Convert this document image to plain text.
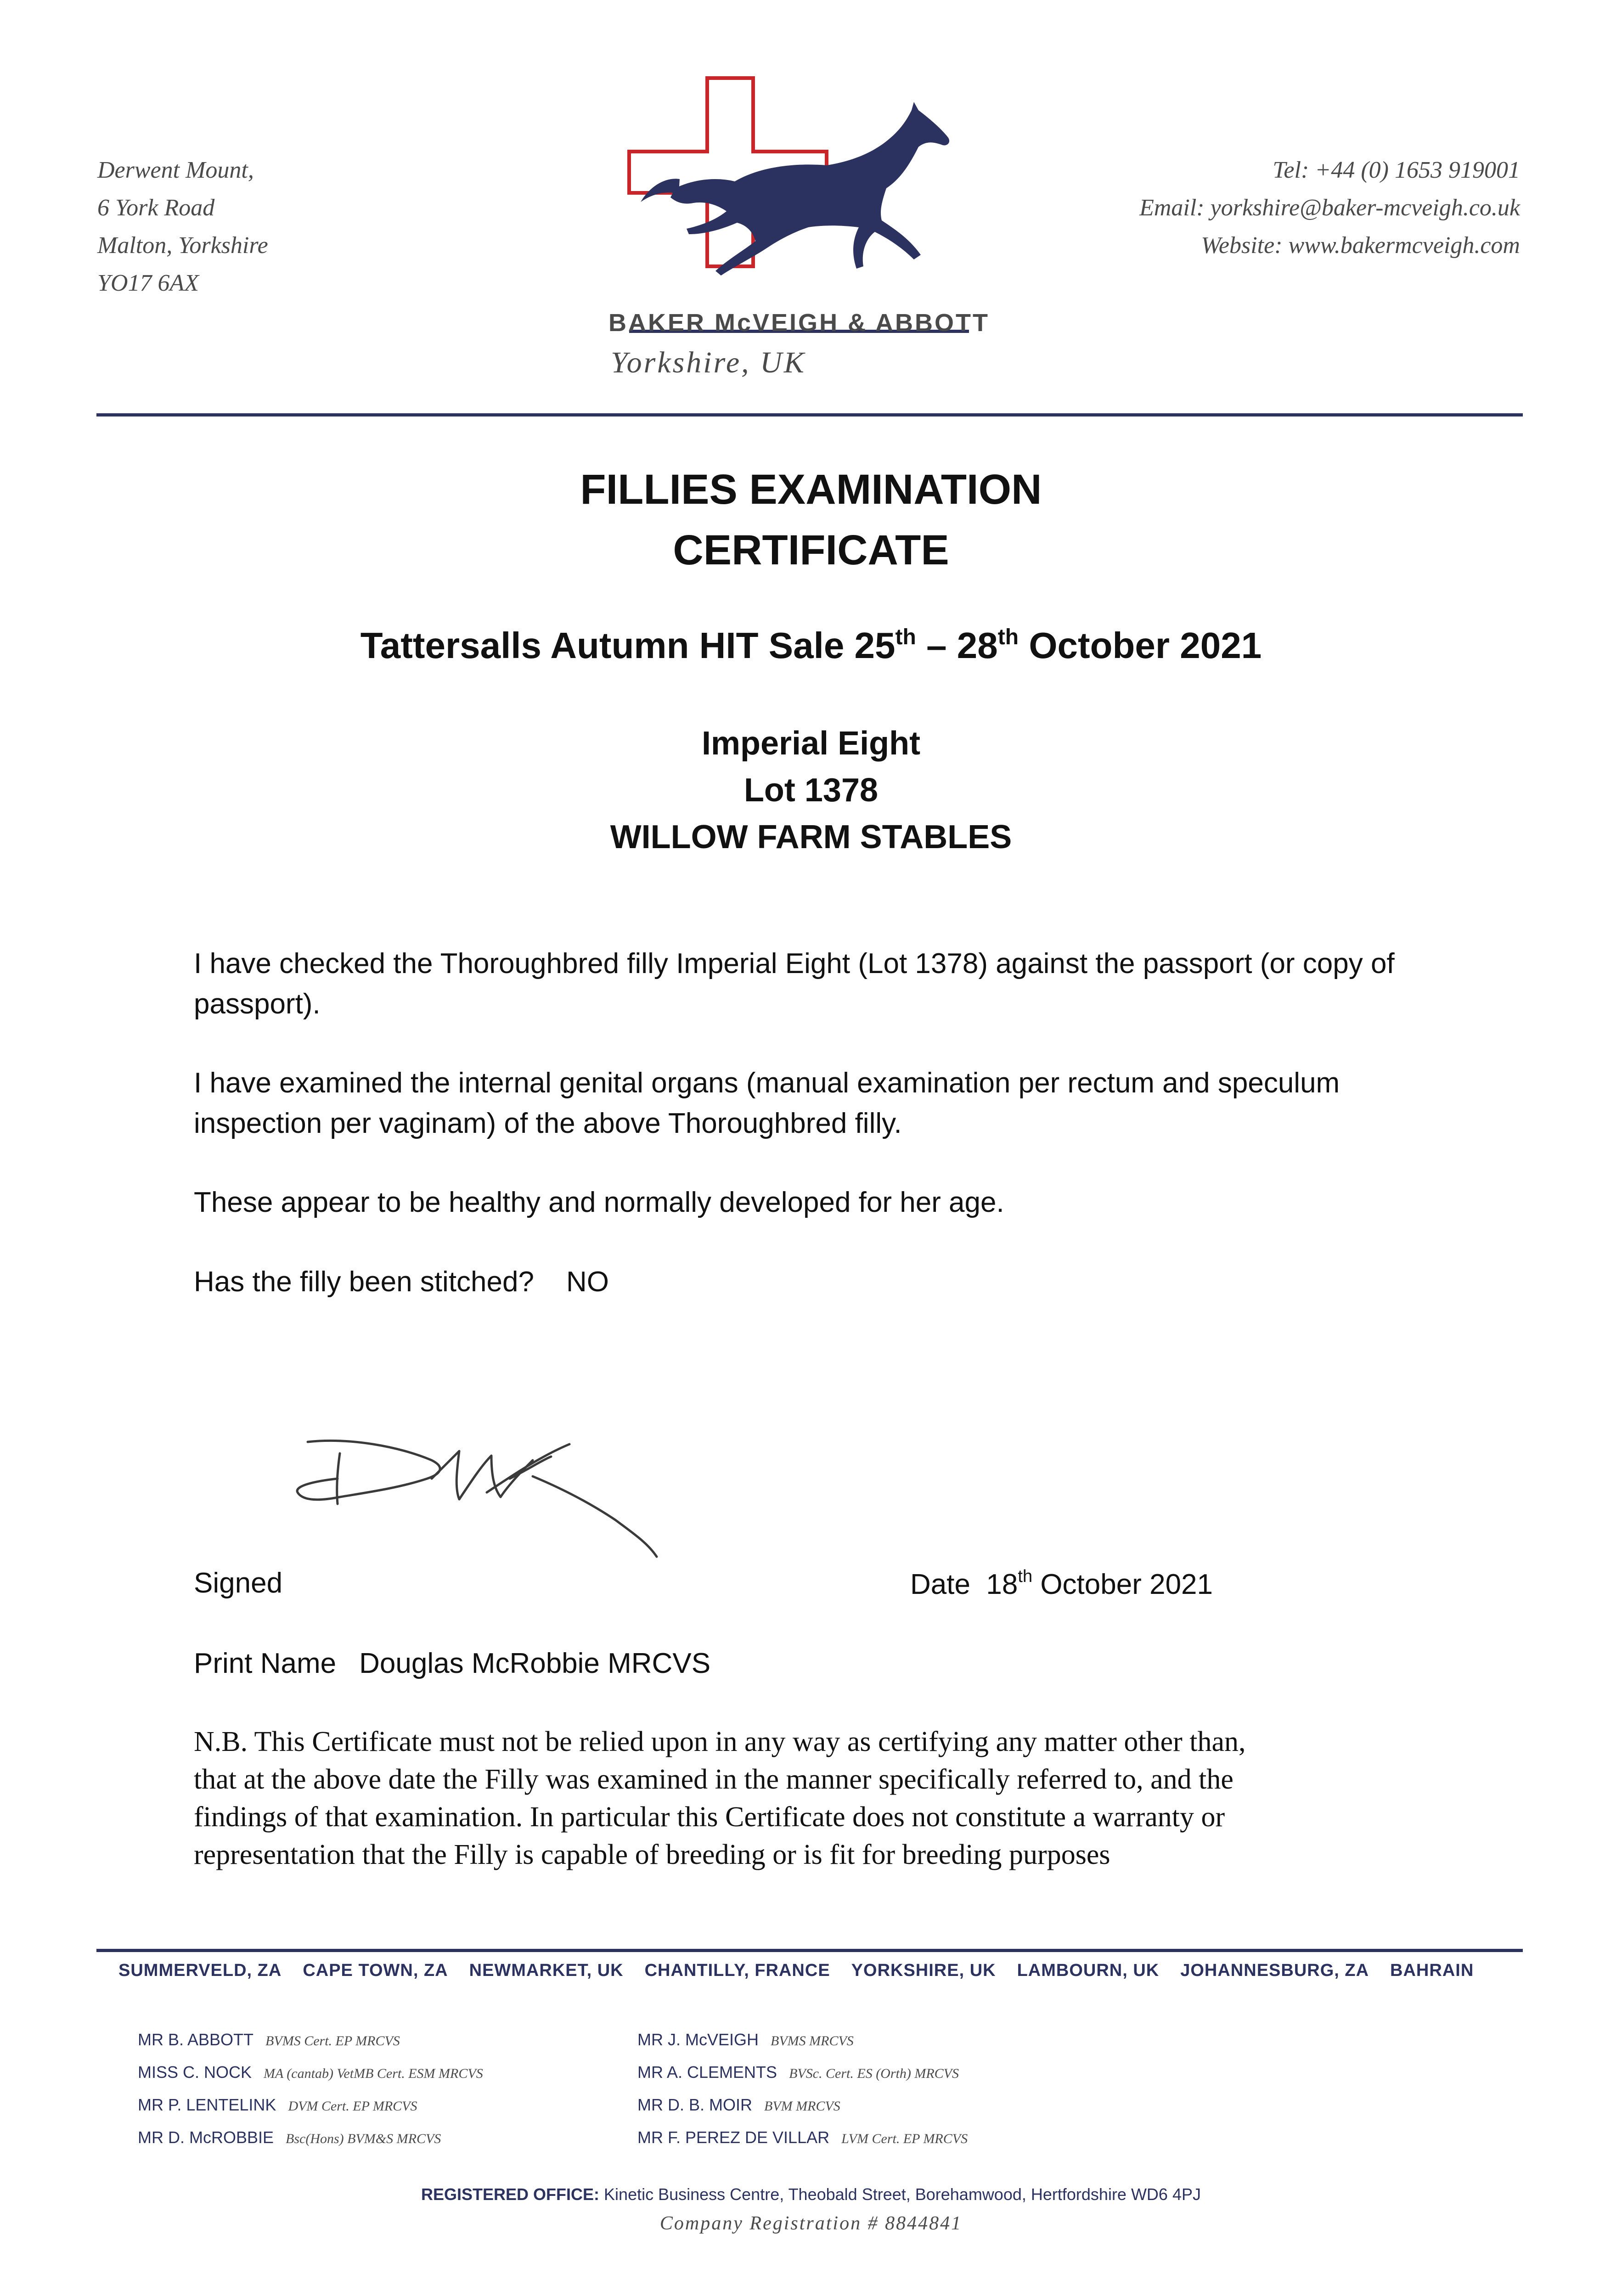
Derwent Mount,
6 York Road
Malton, Yorkshire
YO17 6AX
BAKER McVEIGH & ABBOTT
Yorkshire, UK
Tel: +44 (0) 1653 919001
Email: yorkshire@baker-mcveigh.co.uk
Website: www.bakermcveigh.com
FILLIES EXAMINATION
CERTIFICATE
Tattersalls Autumn HIT Sale 25th – 28th October 2021
Imperial Eight
Lot 1378
WILLOW FARM STABLES

I have checked the Thoroughbred filly Imperial Eight (Lot 1378) against the passport (or copy of passport).

I have examined the internal genital organs (manual examination per rectum and speculum inspection per vaginam) of the above Thoroughbred filly.

These appear to be healthy and normally developed for her age.

Has the filly been stitched? NO
Signed	Date 18th October 2021
Print Name Douglas McRobbie MRCVS
N.B. This Certificate must not be relied upon in any way as certifying any matter other than,
that at the above date the Filly was examined in the manner specifically referred to, and the
findings of that examination. In particular this Certificate does not constitute a warranty or
representation that the Filly is capable of breeding or is fit for breeding purposes
SUMMERVELD, ZA CAPE TOWN, ZA NEWMARKET, UK CHANTILLY, FRANCE YORKSHIRE, UK LAMBOURN, UK JOHANNESBURG, ZA BAHRAIN
MR B. ABBOTT BVMS Cert. EP MRCVS
MISS C. NOCK MA (cantab) VetMB Cert. ESM MRCVS
MR P. LENTELINK DVM Cert. EP MRCVS
MR D. McROBBIE Bsc(Hons) BVM&S MRCVS
MR J. McVEIGH BVMS MRCVS
MR A. CLEMENTS BVSc. Cert. ES (Orth) MRCVS
MR D. B. MOIR BVM MRCVS
MR F. PEREZ DE VILLAR LVM Cert. EP MRCVS
REGISTERED OFFICE: Kinetic Business Centre, Theobald Street, Borehamwood, Hertfordshire WD6 4PJ
Company Registration # 8844841
